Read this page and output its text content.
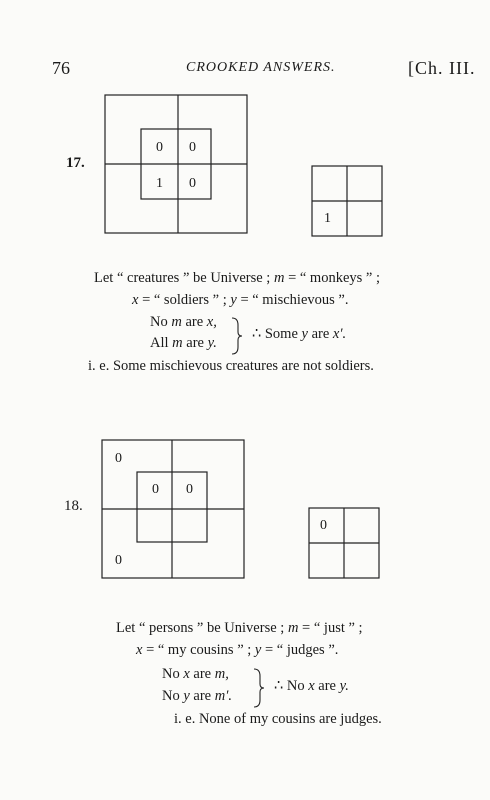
76	CROOKED ANSWERS.	[Ch. III.
17.
0 0
1 0
1
Let “ creatures ” be Universe ; m = “ monkeys ” ;
x = “ soldiers ” ; y = “ mischievous ”.
No m are x,
All m are y.
∴ Some y are x′.
i. e. Some mischievous creatures are not soldiers.
18.
0
0 0
0
0
Let “ persons ” be Universe ; m = “ just ” ;
x = “ my cousins ” ; y = “ judges ”.
No x are m,
No y are m′.
∴ No x are y.
i. e. None of my cousins are judges.
